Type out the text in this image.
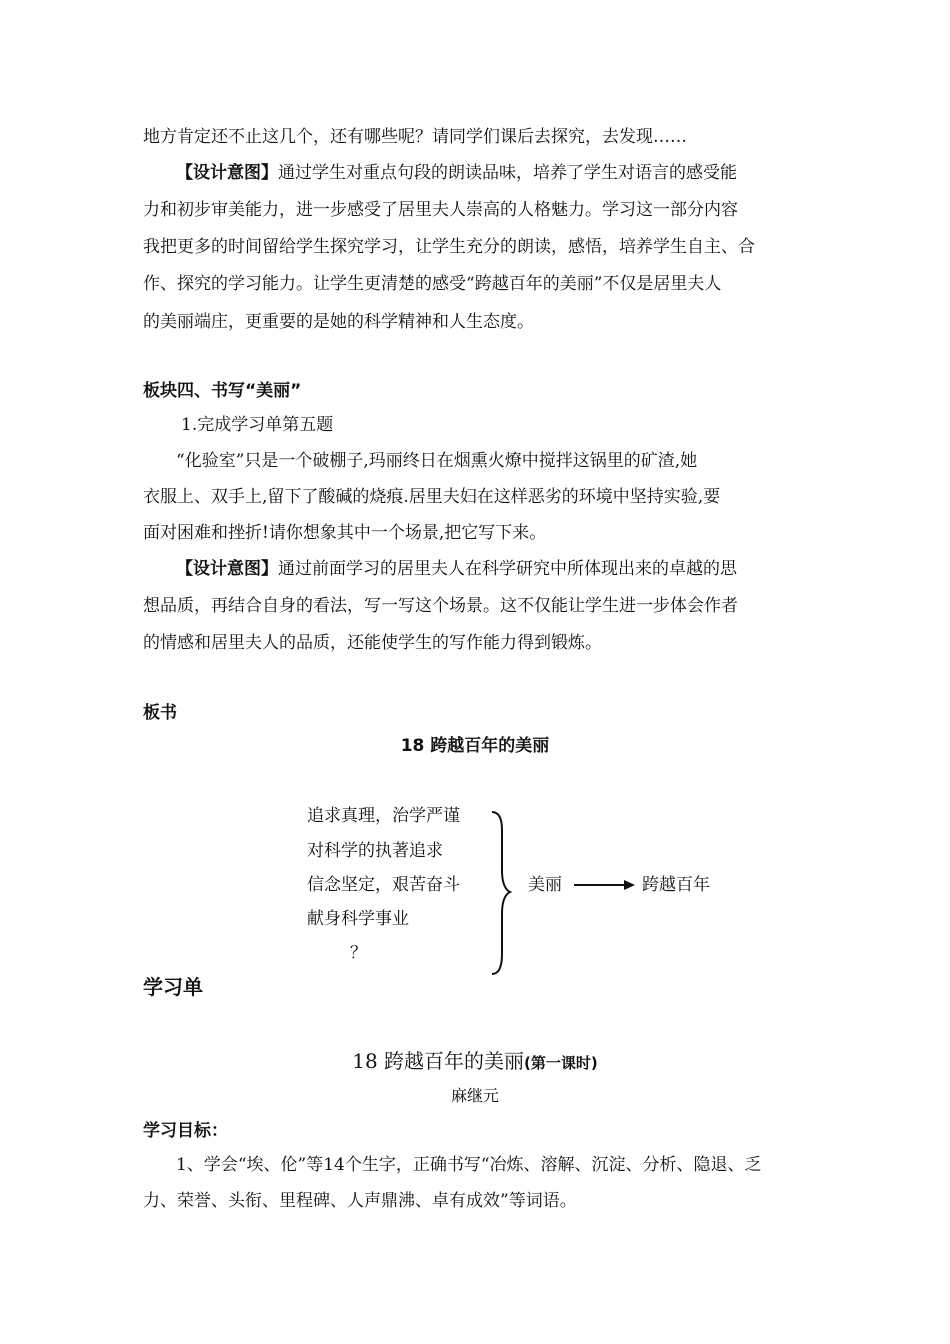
地方肯定还不止这几个，还有哪些呢？请同学们课后去探究，去发现……
【设计意图】通过学生对重点句段的朗读品味，培养了学生对语言的感受能
力和初步审美能力，进一步感受了居里夫人崇高的人格魅力。学习这一部分内容
我把更多的时间留给学生探究学习，让学生充分的朗读，感悟，培养学生自主、合
作、探究的学习能力。让学生更清楚的感受“跨越百年的美丽”不仅是居里夫人
的美丽端庄，更重要的是她的科学精神和人生态度。
板块四、书写“美丽”
1.完成学习单第五题
“化验室”只是一个破棚子,玛丽终日在烟熏火燎中搅拌这锅里的矿渣,她
衣服上、双手上,留下了酸碱的烧痕.居里夫妇在这样恶劣的环境中坚持实验,要
面对困难和挫折!请你想象其中一个场景,把它写下来。
【设计意图】通过前面学习的居里夫人在科学研究中所体现出来的卓越的思
想品质，再结合自身的看法，写一写这个场景。这不仅能让学生进一步体会作者
的情感和居里夫人的品质，还能使学生的写作能力得到锻炼。
板书
18 跨越百年的美丽
追求真理，治学严谨
对科学的执著追求
信念坚定，艰苦奋斗
献身科学事业
？
美丽	跨越百年
学习单
18 跨越百年的美丽(第一课时)
麻继元
学习目标：
1、学会“埃、伦”等14个生字，正确书写“冶炼、溶解、沉淀、分析、隐退、乏
力、荣誉、头衔、里程碑、人声鼎沸、卓有成效”等词语。
